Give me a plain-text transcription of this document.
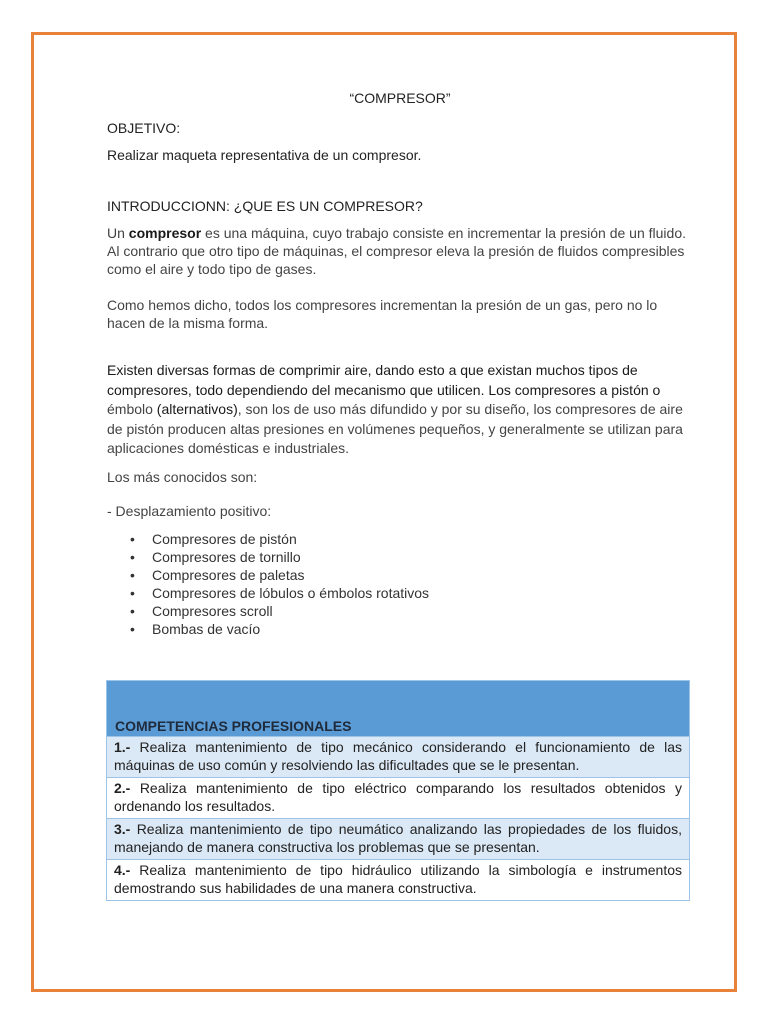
“COMPRESOR”

OBJETIVO:

Realizar maqueta representativa de un compresor.

INTRODUCCIONN: ¿QUE ES UN COMPRESOR?

Un compresor es una máquina, cuyo trabajo consiste en incrementar la presión de un fluido. Al contrario que otro tipo de máquinas, el compresor eleva la presión de fluidos compresibles como el aire y todo tipo de gases.

Como hemos dicho, todos los compresores incrementan la presión de un gas, pero no lo hacen de la misma forma.

Existen diversas formas de comprimir aire, dando esto a que existan muchos tipos de compresores, todo dependiendo del mecanismo que utilicen. Los compresores a pistón o émbolo (alternativos), son los de uso más difundido y por su diseño, los compresores de aire de pistón producen altas presiones en volúmenes pequeños, y generalmente se utilizan para aplicaciones domésticas e industriales.

Los más conocidos son:

- Desplazamiento positivo:

• Compresores de pistón
• Compresores de tornillo
• Compresores de paletas
• Compresores de lóbulos o émbolos rotativos
• Compresores scroll
• Bombas de vacío
COMPETENCIAS PROFESIONALES
1.- Realiza mantenimiento de tipo mecánico considerando el funcionamiento de las máquinas de uso común y resolviendo las dificultades que se le presentan.
2.- Realiza mantenimiento de tipo eléctrico comparando los resultados obtenidos y ordenando los resultados.
3.- Realiza mantenimiento de tipo neumático analizando las propiedades de los fluidos, manejando de manera constructiva los problemas que se presentan.
4.- Realiza mantenimiento de tipo hidráulico utilizando la simbología e instrumentos demostrando sus habilidades de una manera constructiva.
